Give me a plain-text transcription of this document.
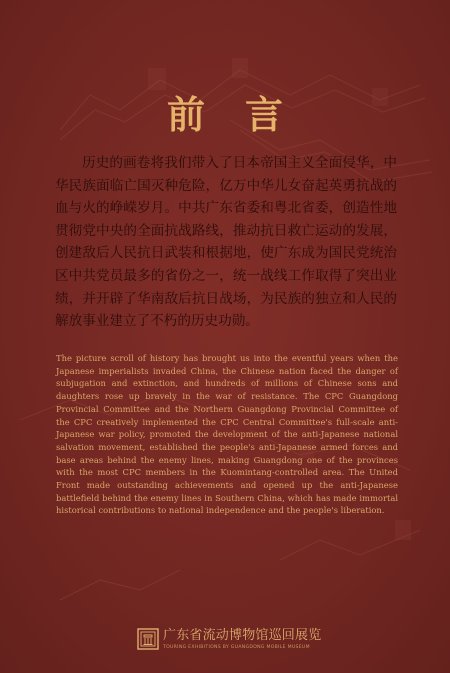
前言

历史的画卷将我们带入了日本帝国主义全面侵华，中华民族面临亡国灭种危险，亿万中华儿女奋起英勇抗战的血与火的峥嵘岁月。中共广东省委和粤北省委，创造性地贯彻党中央的全面抗战路线，推动抗日救亡运动的发展，创建敌后人民抗日武装和根据地，使广东成为国民党统治区中共党员最多的省份之一，统一战线工作取得了突出业绩，并开辟了华南敌后抗日战场，为民族的独立和人民的解放事业建立了不朽的历史功勋。

The picture scroll of history has brought us into the eventful years when the Japanese imperialists invaded China, the Chinese nation faced the danger of subjugation and extinction, and hundreds of millions of Chinese sons and daughters rose up bravely in the war of resistance. The CPC Guangdong Provincial Committee and the Northern Guangdong Provincial Committee of the CPC creatively implemented the CPC Central Committee's full-scale anti-Japanese war policy, promoted the development of the anti-Japanese national salvation movement, established the people's anti-Japanese armed forces and base areas behind the enemy lines, making Guangdong one of the provinces with the most CPC members in the Kuomintang-controlled area. The United Front made outstanding achievements and opened up the anti-Japanese battlefield behind the enemy lines in Southern China, which has made immortal historical contributions to national independence and the people's liberation.

广东省流动博物馆巡回展览
TOURING EXHIBITIONS BY GUANGDONG MOBILE MUSEUM
